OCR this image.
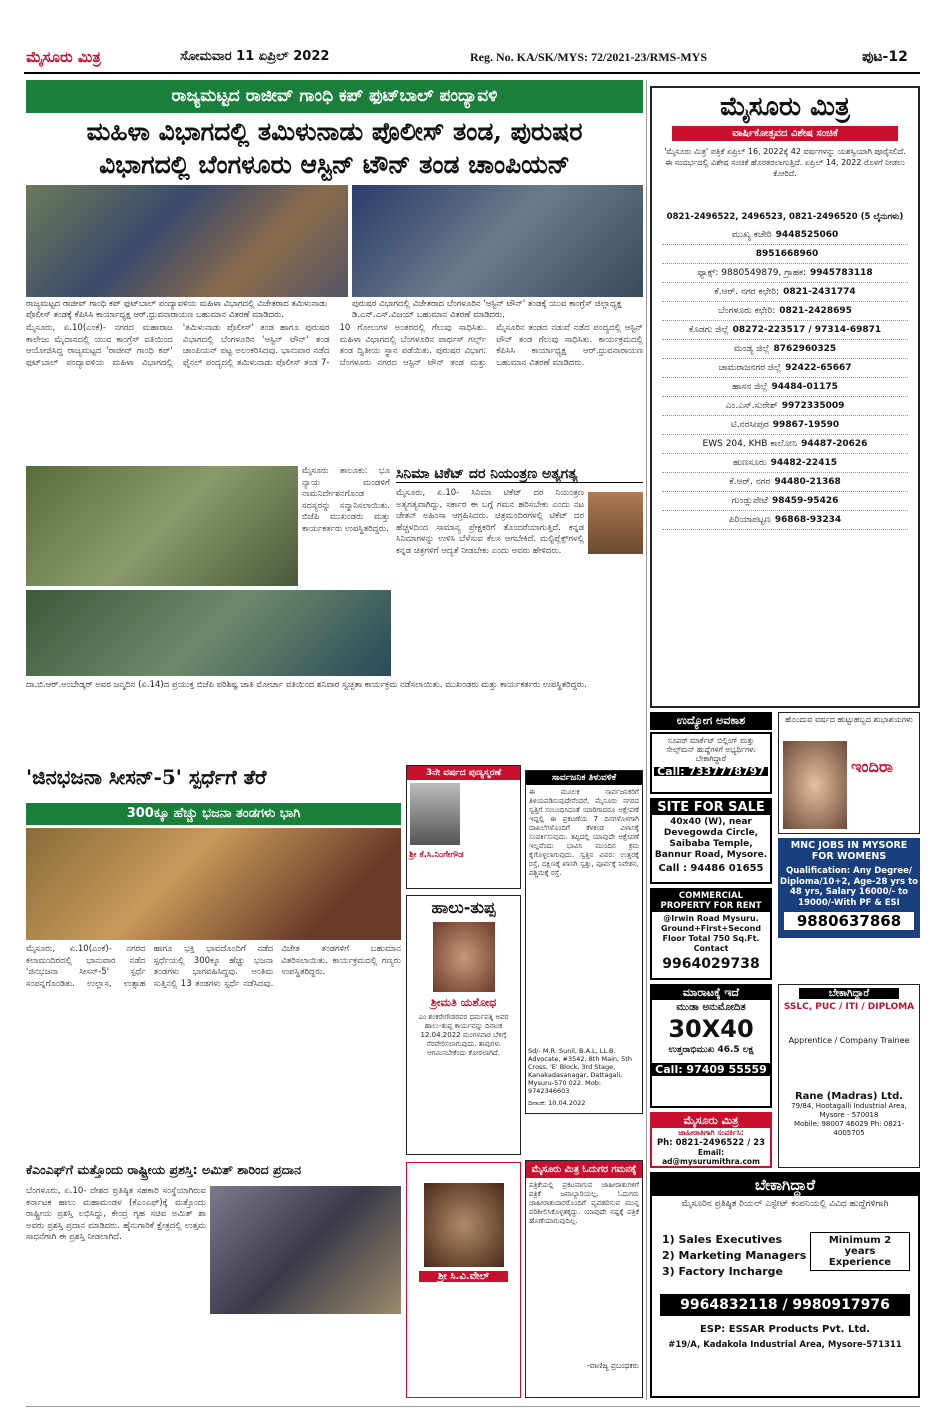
ಮೈಸೂರು ಮಿತ್ರ	ಸೋಮವಾರ 11 ಏಪ್ರಿಲ್ 2022	Reg. No. KA/SK/MYS: 72/2021-23/RMS-MYS	ಪುಟ-12
ರಾಜ್ಯಮಟ್ಟದ ರಾಜೀವ್ ಗಾಂಧಿ ಕಪ್ ಫುಟ್‌ಬಾಲ್ ಪಂದ್ಯಾವಳಿ
ಮಹಿಳಾ ವಿಭಾಗದಲ್ಲಿ ತಮಿಳುನಾಡು ಪೊಲೀಸ್ ತಂಡ, ಪುರುಷರ
ವಿಭಾಗದಲ್ಲಿ ಬೆಂಗಳೂರು ಆಸ್ಟಿನ್ ಟೌನ್ ತಂಡ ಚಾಂಪಿಯನ್
ರಾಜ್ಯಮಟ್ಟದ ರಾಜೀವ್ ಗಾಂಧಿ ಕಪ್ ಫುಟ್‌ಬಾಲ್ ಪಂದ್ಯಾವಳಿಯ ಮಹಿಳಾ ವಿಭಾಗದಲ್ಲಿ ವಿಜೇತರಾದ ತಮಿಳುನಾಡು ಪೊಲೀಸ್ ತಂಡಕ್ಕೆ ಕೆಪಿಸಿಸಿ ಕಾರ್ಯಾಧ್ಯಕ್ಷ ಆರ್.ಧ್ರುವನಾರಾಯಣ ಬಹುಮಾನ ವಿತರಣೆ ಮಾಡಿದರು.
ಪುರುಷರ ವಿಭಾಗದಲ್ಲಿ ವಿಜೇತರಾದ ಬೆಂಗಳೂರಿನ 'ಆಸ್ಟಿನ್ ಟೌನ್' ತಂಡಕ್ಕೆ ಯುವ ಕಾಂಗ್ರೆಸ್ ಜಿಲ್ಲಾಧ್ಯಕ್ಷ ಡಿ.ಎನ್.ಎಸ್.ವಿಜಯ್ ಬಹುಮಾನ ವಿತರಣೆ ಮಾಡಿದರು.
ಮೈಸೂರು, ಏ.10(ಎಂಕೆ)- ನಗರದ ಮಹಾರಾಜ ಕಾಲೇಜು ಮೈದಾನದಲ್ಲಿ ಯುವ ಕಾಂಗ್ರೆಸ್ ವತಿಯಿಂದ ಆಯೋಜಿಸಿದ್ದ ರಾಜ್ಯಮಟ್ಟದ 'ರಾಜೀವ್ ಗಾಂಧಿ ಕಪ್' ಫುಟ್‌ಬಾಲ್ ಪಂದ್ಯಾವಳಿಯ ಮಹಿಳಾ ವಿಭಾಗದಲ್ಲಿ 'ತಮಿಳುನಾಡು ಪೊಲೀಸ್' ತಂಡ ಹಾಗೂ ಪುರುಷರ ವಿಭಾಗದಲ್ಲಿ ಬೆಂಗಳೂರಿನ 'ಆಸ್ಟಿನ್ ಟೌನ್' ತಂಡ ಚಾಂಪಿಯನ್ ಪಟ್ಟ ಅಲಂಕರಿಸಿದವು. ಭಾನುವಾರ ನಡೆದ ಫೈನಲ್ ಪಂದ್ಯದಲ್ಲಿ ತಮಿಳುನಾಡು ಪೊಲೀಸ್ ತಂಡ 7-10 ಗೋಲುಗಳ ಅಂತರದಲ್ಲಿ ಗೆಲುವು ಸಾಧಿಸಿತು. ಮಹಿಳಾ ವಿಭಾಗದಲ್ಲಿ ಬೆಂಗಳೂರಿನ ಪಾರ್ಥಸ್ ಗರ್ಲ್ಸ್ ತಂಡ ದ್ವಿತೀಯ ಸ್ಥಾನ ಪಡೆಯಿತು. ಪುರುಷರ ವಿಭಾಗ: ಬೆಂಗಳೂರು ನಗರದ ಆಸ್ಟಿನ್ ಟೌನ್ ತಂಡ ಮತ್ತು ಮೈಸೂರಿನ ತಂಡದ ನಡುವೆ ನಡೆದ ಪಂದ್ಯದಲ್ಲಿ ಆಸ್ಟಿನ್ ಟೌನ್ ತಂಡ ಗೆಲುವು ಸಾಧಿಸಿತು. ಕಾರ್ಯಕ್ರಮದಲ್ಲಿ ಕೆಪಿಸಿಸಿ ಕಾರ್ಯಾಧ್ಯಕ್ಷ ಆರ್.ಧ್ರುವನಾರಾಯಣ ಬಹುಮಾನ ವಿತರಣೆ ಮಾಡಿದರು.
ಮೈಸೂರು ತಾಲೂಕು: ಭೂ ನ್ಯಾಯ ಮಂಡಳಿಗೆ ನಾಮನಿರ್ದೇಶನಗೊಂಡ ಸದಸ್ಯರನ್ನು ಸನ್ಮಾನಿಸಲಾಯಿತು. ಬಿಜೆಪಿ ಮುಖಂಡರು ಮತ್ತು ಕಾರ್ಯಕರ್ತರು ಉಪಸ್ಥಿತರಿದ್ದರು.
ಸಿನಿಮಾ ಟಿಕೆಟ್ ದರ ನಿಯಂತ್ರಣ ಅತ್ಯಗತ್ಯ
ಮೈಸೂರು, ಏ.10- ಸಿನಿಮಾ ಟಿಕೆಟ್ ದರ ನಿಯಂತ್ರಣ ಅತ್ಯಗತ್ಯವಾಗಿದ್ದು, ಸರ್ಕಾರ ಈ ಬಗ್ಗೆ ಗಮನ ಹರಿಸಬೇಕು ಎಂದು ನಟ ಚೇತನ್ ಅಹಿಂಸಾ ಆಗ್ರಹಿಸಿದರು. ಚಿತ್ರಮಂದಿರಗಳಲ್ಲಿ ಟಿಕೆಟ್ ದರ ಹೆಚ್ಚಳದಿಂದ ಸಾಮಾನ್ಯ ಪ್ರೇಕ್ಷಕರಿಗೆ ತೊಂದರೆಯಾಗುತ್ತಿದೆ. ಕನ್ನಡ ಸಿನಿಮಾಗಳನ್ನು ಉಳಿಸಿ ಬೆಳೆಸುವ ಕೆಲಸ ಆಗಬೇಕಿದೆ. ಮಲ್ಟಿಪ್ಲೆಕ್ಸ್‌ಗಳಲ್ಲಿ ಕನ್ನಡ ಚಿತ್ರಗಳಿಗೆ ಆದ್ಯತೆ ನೀಡಬೇಕು ಎಂದು ಅವರು ಹೇಳಿದರು.
ದಾ.ಬಿ.ಆರ್.ಅಂಬೇಡ್ಕರ್ ಅವರ ಜನ್ಮದಿನ (ಏ.14)ದ ಪ್ರಯುಕ್ತ ಬಿಜೆಪಿ ಪರಿಶಿಷ್ಟ ಜಾತಿ ಮೋರ್ಚಾ ವತಿಯಿಂದ ಶನಿವಾರ ಸ್ವಚ್ಛತಾ ಕಾರ್ಯಕ್ರಮ ನಡೆಸಲಾಯಿತು. ಮುಖಂಡರು ಮತ್ತು ಕಾರ್ಯಕರ್ತರು ಉಪಸ್ಥಿತರಿದ್ದರು.
'ಜಿನಭಜನಾ ಸೀಸನ್-5' ಸ್ಪರ್ಧೆಗೆ ತೆರೆ
300ಕ್ಕೂ ಹೆಚ್ಚು ಭಜನಾ ತಂಡಗಳು ಭಾಗಿ
ಮೈಸೂರು, ಏ.10(ಎಂಕೆ)- ನಗರದ ಕಲಾಮಂದಿರದಲ್ಲಿ ಭಾನುವಾರ ನಡೆದ 'ಜಿನಭಜನಾ ಸೀಸನ್-5' ಸ್ಪರ್ಧೆ ಸಂಪನ್ನಗೊಂಡಿತು. ಉಲ್ಲಾಸ, ಉತ್ಸಾಹ ಹಾಗೂ ಭಕ್ತಿ ಭಾವದೊಂದಿಗೆ ನಡೆದ ಸ್ಪರ್ಧೆಯಲ್ಲಿ 300ಕ್ಕೂ ಹೆಚ್ಚು ಭಜನಾ ತಂಡಗಳು ಭಾಗವಹಿಸಿದ್ದವು. ಅಂತಿಮ ಸುತ್ತಿನಲ್ಲಿ 13 ತಂಡಗಳು ಸ್ಪರ್ಧೆ ನಡೆಸಿದವು. ವಿಜೇತ ತಂಡಗಳಿಗೆ ಬಹುಮಾನ ವಿತರಿಸಲಾಯಿತು. ಕಾರ್ಯಕ್ರಮದಲ್ಲಿ ಗಣ್ಯರು ಉಪಸ್ಥಿತರಿದ್ದರು.
ಕೆಎಂಎಫ್‌ಗೆ ಮತ್ತೊಂದು ರಾಷ್ಟ್ರೀಯ ಪ್ರಶಸ್ತಿ: ಅಮಿತ್ ಶಾರಿಂದ ಪ್ರದಾನ
ಬೆಂಗಳೂರು, ಏ.10- ದೇಶದ ಪ್ರತಿಷ್ಠಿತ ಸಹಕಾರಿ ಸಂಸ್ಥೆಯಾಗಿರುವ ಕರ್ನಾಟಕ ಹಾಲು ಮಹಾಮಂಡಳ (ಕೆಎಂಎಫ್)ಕ್ಕೆ ಮತ್ತೊಂದು ರಾಷ್ಟ್ರೀಯ ಪ್ರಶಸ್ತಿ ಲಭಿಸಿದ್ದು, ಕೇಂದ್ರ ಗೃಹ ಸಚಿವ ಅಮಿತ್ ಶಾ ಅವರು ಪ್ರಶಸ್ತಿ ಪ್ರದಾನ ಮಾಡಿದರು. ಹೈನುಗಾರಿಕೆ ಕ್ಷೇತ್ರದಲ್ಲಿ ಉತ್ತಮ ಸಾಧನೆಗಾಗಿ ಈ ಪ್ರಶಸ್ತಿ ನೀಡಲಾಗಿದೆ.
3ನೇ ವರ್ಷದ ಪುಣ್ಯಸ್ಮರಣೆ
ಶ್ರೀ ಕೆ.ಸಿ.ನಿಂಗೇಗೌಡ
ಸಾರ್ವಜನಿಕ ತಿಳುವಳಿಕೆ
ಈ ಮೂಲಕ ಸಾರ್ವಜನಿಕರಿಗೆ ತಿಳಿಯಪಡಿಸುವುದೇನೆಂದರೆ, ಮೈಸೂರು ನಗರದ ಸ್ವತ್ತಿಗೆ ಸಂಬಂಧಿಸಿದಂತೆ ಯಾರಿಗಾದರೂ ಆಕ್ಷೇಪಣೆ ಇದ್ದಲ್ಲಿ ಈ ಪ್ರಕಟಣೆಯ 7 ದಿನಗಳೊಳಗಾಗಿ ದಾಖಲೆಗಳೊಂದಿಗೆ ಕೆಳಕಂಡ ವಿಳಾಸಕ್ಕೆ ಸಂಪರ್ಕಿಸುವುದು. ತಪ್ಪಿದಲ್ಲಿ ಯಾವುದೇ ಆಕ್ಷೇಪಣೆ ಇಲ್ಲವೆಂದು ಭಾವಿಸಿ ಮುಂದಿನ ಕ್ರಮ ಕೈಗೊಳ್ಳಲಾಗುವುದು. ಸ್ವತ್ತಿನ ವಿವರ: ಉತ್ತರಕ್ಕೆ ರಸ್ತೆ, ದಕ್ಷಿಣಕ್ಕೆ ಖಾಸಗಿ ಸ್ವತ್ತು, ಪೂರ್ವಕ್ಕೆ ನಿವೇಶನ, ಪಶ್ಚಿಮಕ್ಕೆ ರಸ್ತೆ.
Sd/- M.R. Sunil, B.A.L, LL.B. Advocate, #3542, 8th Main, 5th Cross, 'E' Block, 3rd Stage, Kanakadasanagar, Dattagali, Mysuru-570 022. Mob: 9742346603
ದಿನಾಂಕ: 10.04.2022
ಹಾಲು-ತುಪ್ಪ
ಶ್ರೀಮತಿ ಯಶೋಧ
ಎಂ ಶಂಕರೇಗೌಡರವರ ಧರ್ಮಪತ್ನಿ ಅವರ ಹಾಲು-ತುಪ್ಪ ಕಾರ್ಯವನ್ನು ದಿನಾಂಕ 12.04.2022 ಮಂಗಳವಾರ ಬೆಳಿಗ್ಗೆ ನೆರವೇರಿಸಲಾಗುವುದು. ತಾವುಗಳು ಆಗಮಿಸಬೇಕೆಂದು ಕೋರಲಾಗಿದೆ.
ಶ್ರೀ ಸಿ.ವಿ.ವೇಲ್
ಮೈಸೂರು ಮಿತ್ರ ಓದುಗರ ಗಮನಕ್ಕೆ
ಪತ್ರಿಕೆಯಲ್ಲಿ ಪ್ರಕಟವಾಗುವ ಜಾಹೀರಾತುಗಳಿಗೆ ಪತ್ರಿಕೆ ಜವಾಬ್ದಾರಿಯಲ್ಲ. ಓದುಗರು ಜಾಹೀರಾತುದಾರರೊಂದಿಗೆ ವ್ಯವಹರಿಸುವ ಮುನ್ನ ಪರಿಶೀಲಿಸಿಕೊಳ್ಳತಕ್ಕದ್ದು. ಯಾವುದೇ ನಷ್ಟಕ್ಕೆ ಪತ್ರಿಕೆ ಹೊಣೆಯಾಗುವುದಿಲ್ಲ.
-ವಾಣಿಜ್ಯ ಪ್ರಬಂಧಕರು
ಮೈಸೂರು ಮಿತ್ರ
ವಾರ್ಷಿಕೋತ್ಸವದ ವಿಶೇಷ ಸಂಚಿಕೆ
'ಮೈಸೂರು ಮಿತ್ರ' ಪತ್ರಿಕೆ ಏಪ್ರಿಲ್ 16, 2022ಕ್ಕೆ 42 ವರ್ಷಗಳನ್ನು ಯಶಸ್ವಿಯಾಗಿ ಪೂರೈಸಲಿದೆ. ಈ ಸಂದರ್ಭದಲ್ಲಿ ವಿಶೇಷ ಸಂಚಿಕೆ ಹೊರತರಲಾಗುತ್ತಿದೆ. ಏಪ್ರಿಲ್ 14, 2022 ರೊಳಗೆ ನೀಡಲು ಕೋರಿದೆ.
0821-2496522, 2496523, 0821-2496520 (5 ಲೈನುಗಳು)
ಮುಖ್ಯ ಕಚೇರಿ 9448525060
8951668960
ಫ್ಯಾಕ್ಸ್: 9880549879, ಗ್ರಾಹಕ: 9945783118
ಕೆ.ಆರ್. ನಗರ ಕಛೇರಿ: 0821-2431774
ಬೆಂಗಳೂರು ಕಛೇರಿ: 0821-2428695
ಕೊಡಗು ಜಿಲ್ಲೆ 08272-223517 / 97314-69871
ಮಂಡ್ಯ ಜಿಲ್ಲೆ 8762960325
ಚಾಮರಾಜನಗರ ಜಿಲ್ಲೆ 92422-65667
ಹಾಸನ ಜಿಲ್ಲೆ 94484-01175
ಎಂ.ಎಸ್.ಸುರೇಶ್ 9972335009
ಟಿ.ನರಸೀಪುರ 99867-19590
EWS 204, KHB ಕಾಲೋನಿ 94487-20626
ಹುಣಸೂರು 94482-22415
ಕೆ.ಆರ್. ನಗರ 94480-21368
ಗುಂಡ್ಲುಪೇಟೆ 98459-95426
ಪಿರಿಯಾಪಟ್ಟಣ 96868-93234
ಉದ್ಯೋಗ ಅವಕಾಶ
ಸೂಪರ್ ಮಾರ್ಕೆಟ್ ಬಿಲ್ಲಿಂಗ್ ಮತ್ತು ಸೇಲ್ಸ್‌ಮನ್ ಹುದ್ದೆಗಳಿಗೆ ಅಭ್ಯರ್ಥಿಗಳು ಬೇಕಾಗಿದ್ದಾರೆ
Call: 7337778797
SITE FOR SALE
40x40 (W), near Devegowda Circle, Saibaba Temple, Bannur Road, Mysore.
Call : 94486 01655
COMMERCIAL PROPERTY FOR RENT
@Irwin Road Mysuru. Ground+First+Second Floor Total 750 Sq.Ft. Contact
9964029738
ಮಾರಾಟಕ್ಕೆ ಇದೆ
ಮುಡಾ ಅನುಮೋದಿತ
30X40
ಉತ್ತರಾಭಿಮುಖ 46.5 ಲಕ್ಷ
Call: 97409 55559
ಮೈಸೂರು ಮಿತ್ರ
ಜಾಹೀರಾತಿಗಾಗಿ ಸಂಪರ್ಕಿಸಿ:
Ph: 0821-2496522 / 23
Email: ad@mysurumithra.com
ಹೊಂದುವ ವರ್ಷದ ಹುಟ್ಟುಹಬ್ಬದ ಶುಭಾಶಯಗಳು
ಇಂದಿರಾ
MNC JOBS IN MYSORE FOR WOMENS
Qualification: Any Degree/ Diploma/10+2, Age-28 yrs to 48 yrs, Salary 16000/- to 19000/-With PF & ESI
9880637868
ಬೇಕಾಗಿದ್ದಾರೆ
SSLC, PUC / ITI / DIPLOMA
Apprentice / Company Trainee
Rane (Madras) Ltd.
79/84, Hootagalli Industrial Area, Mysore - 570018
Mobile: 98007 46029 Ph: 0821-4005705
ಬೇಕಾಗಿದ್ದಾರೆ
ಮೈಸೂರಿನ ಪ್ರತಿಷ್ಠಿತ ರಿಯಲ್ ಎಸ್ಟೇಟ್ ಕಂಪನಿಯಲ್ಲಿ ವಿವಿಧ ಹುದ್ದೆಗಳಿಗಾಗಿ
1) Sales Executives
2) Marketing Managers
3) Factory Incharge
Minimum 2 years Experience
9964832118 / 9980917976
ESP: ESSAR Products Pvt. Ltd.
#19/A, Kadakola Industrial Area, Mysore-571311
